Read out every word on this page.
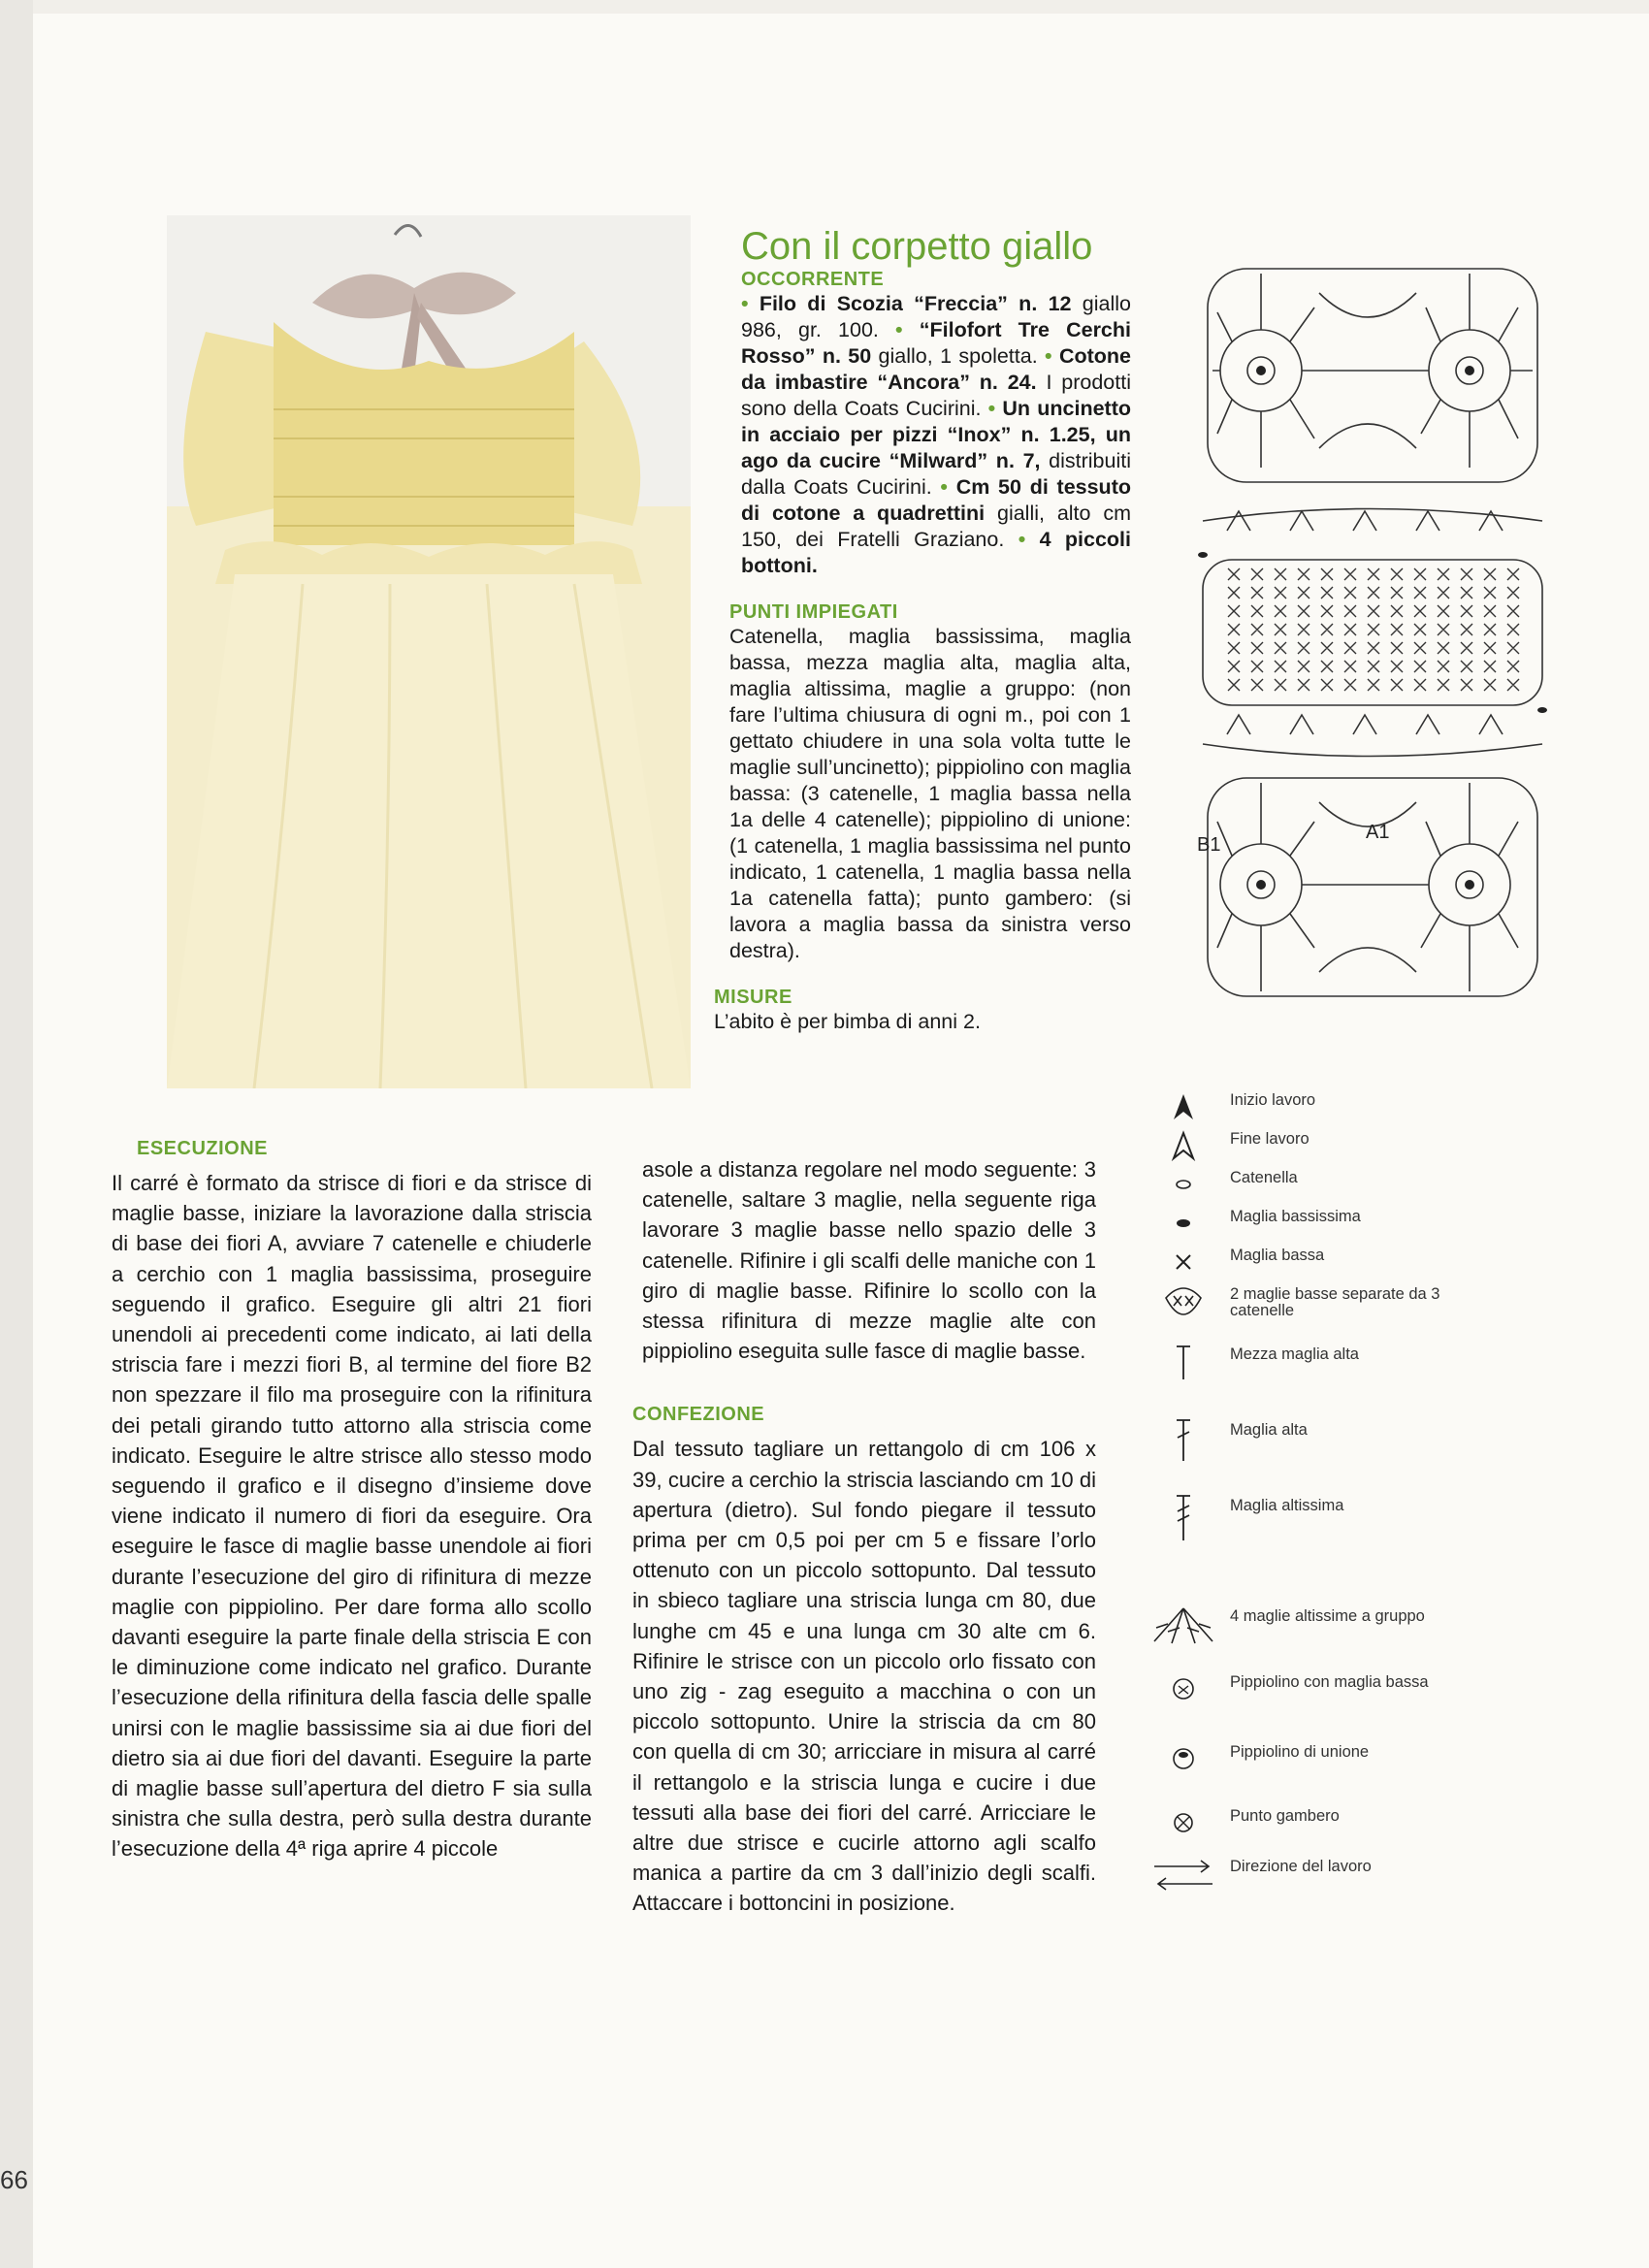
Con il corpetto giallo
OCCORRENTE

• Filo di Scozia “Freccia” n. 12 giallo 986, gr. 100. • “Filofort Tre Cerchi Rosso” n. 50 giallo, 1 spoletta. • Cotone da imbastire “Ancora” n. 24. I prodotti sono della Coats Cucirini. • Un uncinetto in acciaio per pizzi “Inox” n. 1.25, un ago da cucire “Milward” n. 7, distribuiti dalla Coats Cucirini. • Cm 50 di tessuto di cotone a quadrettini gialli, alto cm 150, dei Fratelli Graziano. • 4 piccoli bottoni.

PUNTI IMPIEGATI

Catenella, maglia bassissima, maglia bassa, mezza maglia alta, maglia alta, maglia altissima, maglie a gruppo: (non fare l’ultima chiusura di ogni m., poi con 1 gettato chiudere in una sola volta tutte le maglie sull’uncinetto); pippiolino con maglia bassa: (3 catenelle, 1 maglia bassa nella 1a delle 4 catenelle); pippiolino di unione: (1 catenella, 1 maglia bassissima nel punto indicato, 1 catenella, 1 maglia bassa nella 1a catenella fatta); punto gambero: (si lavora a maglia bassa da sinistra verso destra).

MISURE

L’abito è per bimba di anni 2.

B1
A1
Inizio lavoro
Fine lavoro
Catenella
Maglia bassissima
Maglia bassa
2 maglie basse separate da 3 catenelle
Mezza maglia alta
Maglia alta
Maglia altissima
4 maglie altissime a gruppo
Pippiolino con maglia bassa
Pippiolino di unione
Punto gambero
Direzione del lavoro
ESECUZIONE

Il carré è formato da strisce di fiori e da strisce di maglie basse, iniziare la lavorazione dalla striscia di base dei fiori A, avviare 7 catenelle e chiuderle a cerchio con 1 maglia bassissima, proseguire seguendo il grafico. Eseguire gli altri 21 fiori unendoli ai precedenti come indicato, ai lati della striscia fare i mezzi fiori B, al termine del fiore B2 non spezzare il filo ma proseguire con la rifinitura dei petali girando tutto attorno alla striscia come indicato. Eseguire le altre strisce allo stesso modo seguendo il grafico e il disegno d’insieme dove viene indicato il numero di fiori da eseguire. Ora eseguire le fasce di maglie basse unendole ai fiori durante l’esecuzione del giro di rifinitura di mezze maglie con pippiolino. Per dare forma allo scollo davanti eseguire la parte finale della striscia E con le diminuzione come indicato nel grafico. Durante l’esecuzione della rifinitura della fascia delle spalle unirsi con le maglie bassissime sia ai due fiori del dietro sia ai due fiori del davanti. Eseguire la parte di maglie basse sull’apertura del dietro F sia sulla sinistra che sulla destra, però sulla destra durante l’esecuzione della 4ª riga aprire 4 piccole

asole a distanza regolare nel modo seguente: 3 catenelle, saltare 3 maglie, nella seguente riga lavorare 3 maglie basse nello spazio delle 3 catenelle. Rifinire i gli scalfi delle maniche con 1 giro di maglie basse. Rifinire lo scollo con la stessa rifinitura di mezze maglie alte con pippiolino eseguita sulle fasce di maglie basse.

CONFEZIONE

Dal tessuto tagliare un rettangolo di cm 106 x 39, cucire a cerchio la striscia lasciando cm 10 di apertura (dietro). Sul fondo piegare il tessuto prima per cm 0,5 poi per cm 5 e fissare l’orlo ottenuto con un piccolo sottopunto. Dal tessuto in sbieco tagliare una striscia lunga cm 80, due lunghe cm 45 e una lunga cm 30 alte cm 6. Rifinire le strisce con un piccolo orlo fissato con uno zig - zag eseguito a macchina o con un piccolo sottopunto. Unire la striscia da cm 80 con quella di cm 30; arricciare in misura al carré il rettangolo e la striscia lunga e cucire i due tessuti alla base dei fiori del carré. Arricciare le altre due strisce e cucirle attorno agli scalfo manica a partire da cm 3 dall’inizio degli scalfi. Attaccare i bottoncini in posizione.

66
